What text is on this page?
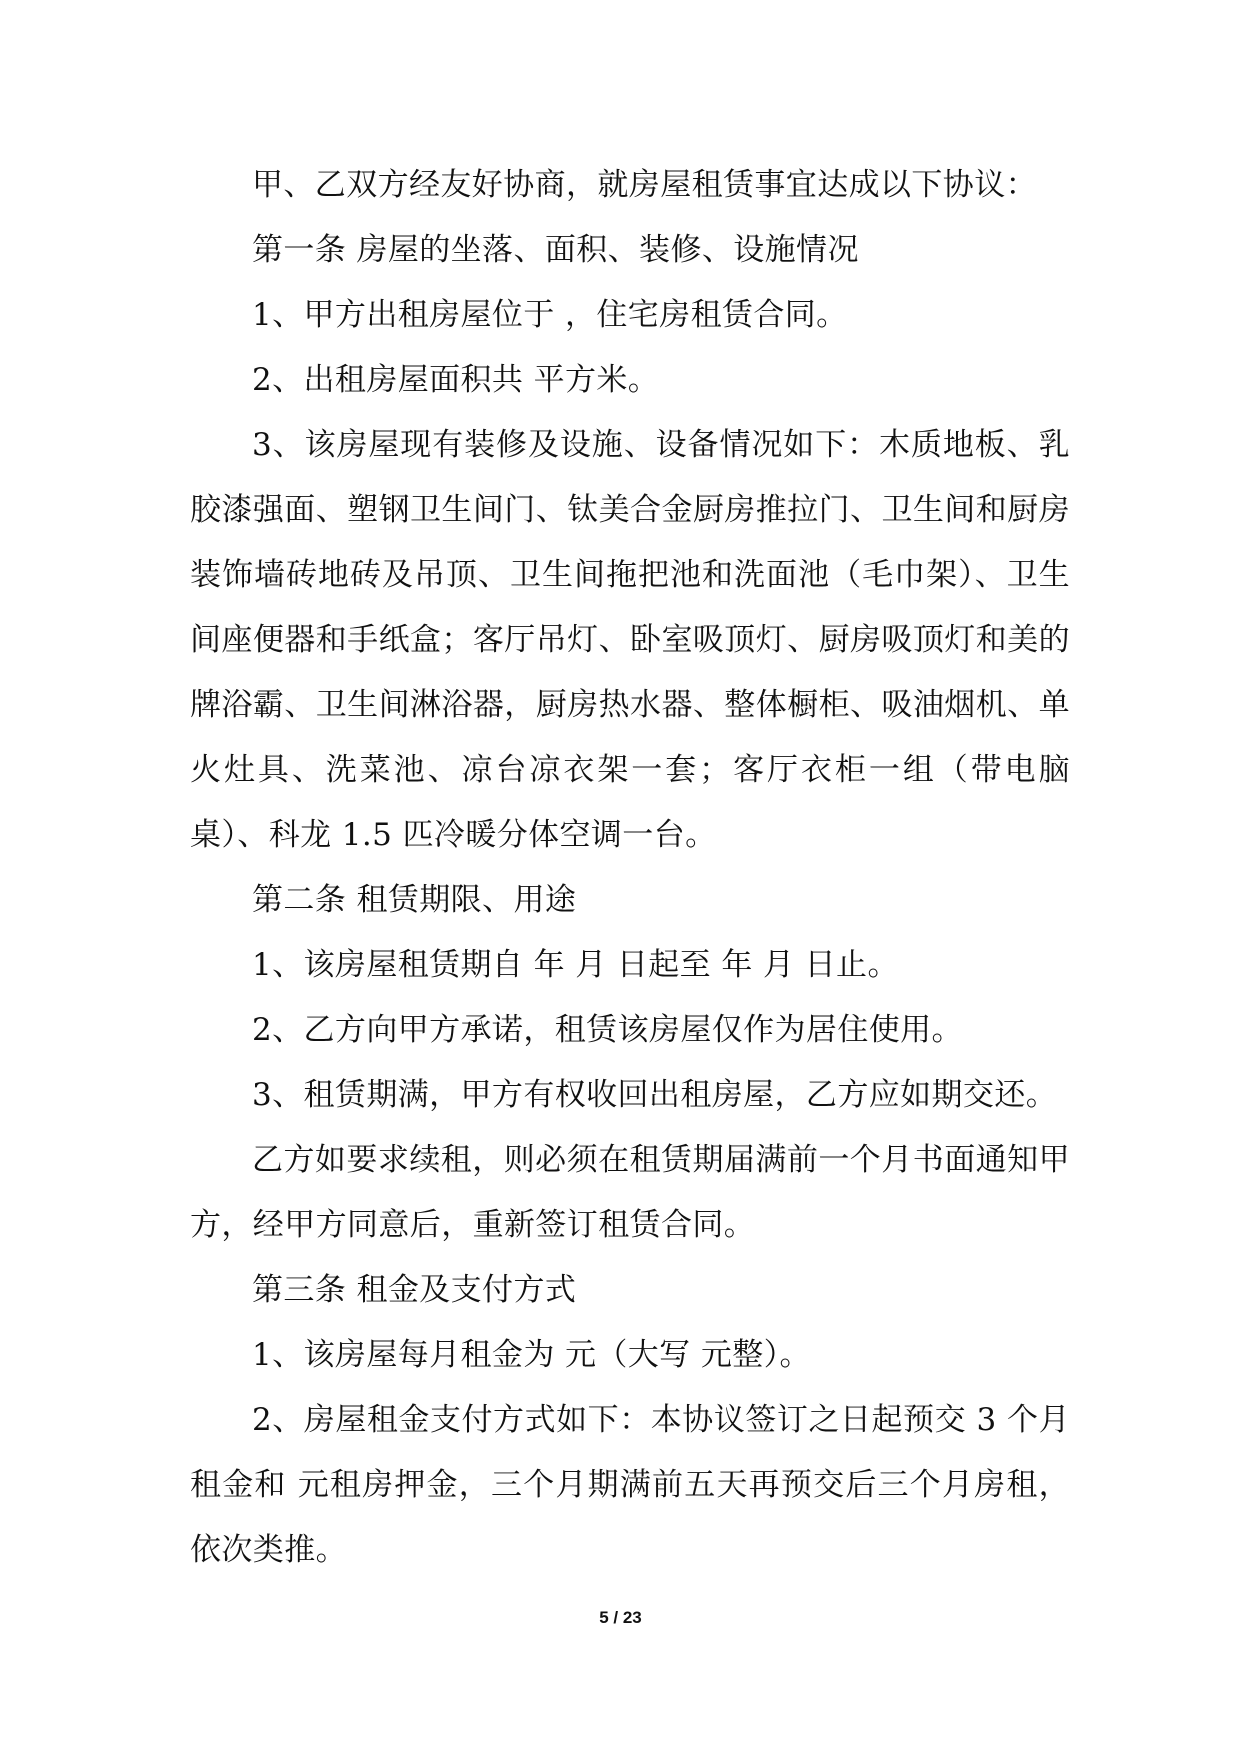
甲、乙双方经友好协商，就房屋租赁事宜达成以下协议：

第一条 房屋的坐落、面积、装修、设施情况

1、甲方出租房屋位于 ，住宅房租赁合同。

2、出租房屋面积共 平方米。

3、该房屋现有装修及设施、设备情况如下：木质地板、乳胶漆强面、塑钢卫生间门、钛美合金厨房推拉门、卫生间和厨房装饰墙砖地砖及吊顶、卫生间拖把池和洗面池（毛巾架）、卫生间座便器和手纸盒；客厅吊灯、卧室吸顶灯、厨房吸顶灯和美的牌浴霸、卫生间淋浴器，厨房热水器、整体橱柜、吸油烟机、单火灶具、洗菜池、凉台凉衣架一套；客厅衣柜一组（带电脑桌）、科龙 1.5 匹冷暖分体空调一台。

第二条 租赁期限、用途

1、该房屋租赁期自 年 月 日起至 年 月 日止。

2、乙方向甲方承诺，租赁该房屋仅作为居住使用。

3、租赁期满，甲方有权收回出租房屋，乙方应如期交还。

乙方如要求续租，则必须在租赁期届满前一个月书面通知甲方，经甲方同意后，重新签订租赁合同。

第三条 租金及支付方式

1、该房屋每月租金为 元（大写 元整）。

2、房屋租金支付方式如下：本协议签订之日起预交 3 个月租金和 元租房押金，三个月期满前五天再预交后三个月房租，依次类推。

5 / 23
